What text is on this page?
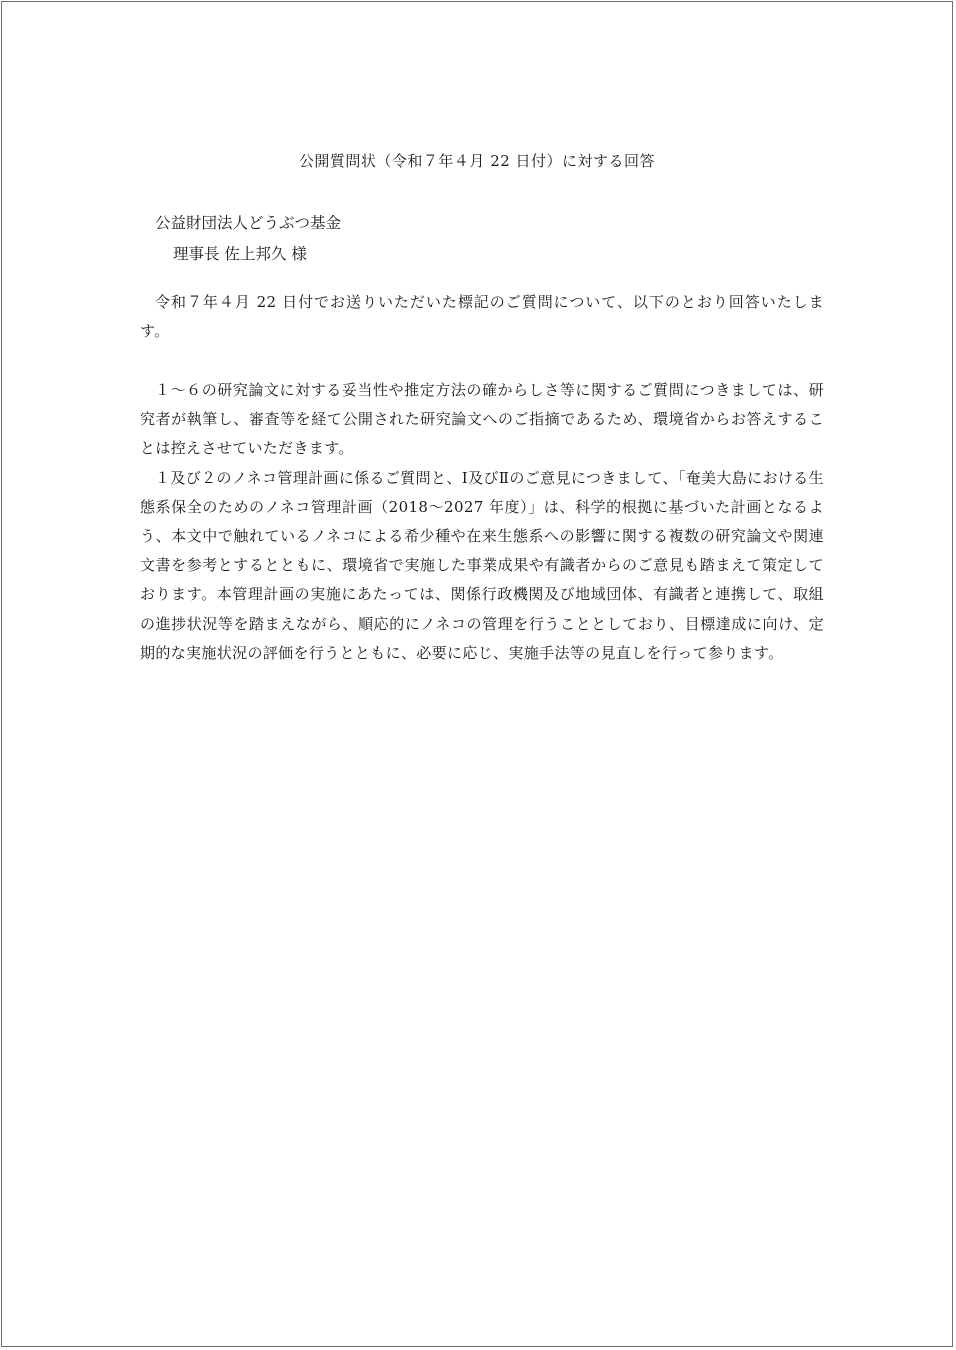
公開質問状（令和７年４月 22 日付）に対する回答
公益財団法人どうぶつ基金
理事長 佐上邦久 様

令和７年４月 22 日付でお送りいただいた標記のご質問について、以下のとおり回答いたします。

１～６の研究論文に対する妥当性や推定方法の確からしさ等に関するご質問につきましては、研究者が執筆し、審査等を経て公開された研究論文へのご指摘であるため、環境省からお答えすることは控えさせていただきます。

１及び２のノネコ管理計画に係るご質問と、Ⅰ及びⅡのご意見につきまして、「奄美大島における生態系保全のためのノネコ管理計画（2018～2027 年度）」は、科学的根拠に基づいた計画となるよう、本文中で触れているノネコによる希少種や在来生態系への影響に関する複数の研究論文や関連文書を参考とするとともに、環境省で実施した事業成果や有識者からのご意見も踏まえて策定しております。本管理計画の実施にあたっては、関係行政機関及び地域団体、有識者と連携して、取組の進捗状況等を踏まえながら、順応的にノネコの管理を行うこととしており、目標達成に向け、定期的な実施状況の評価を行うとともに、必要に応じ、実施手法等の見直しを行って参ります。
